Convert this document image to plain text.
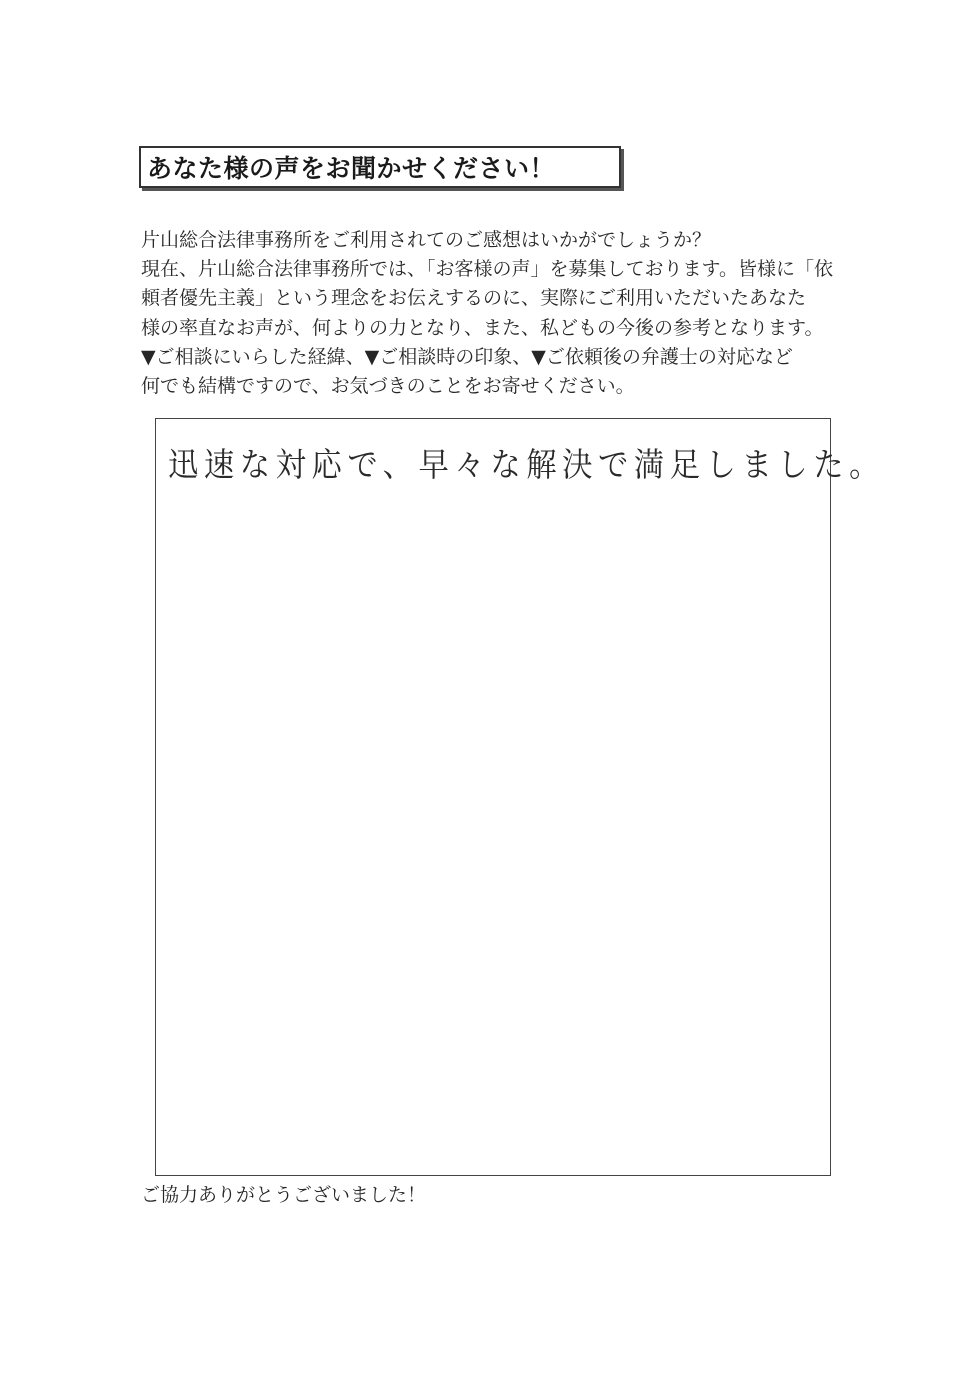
あなた様の声をお聞かせください！
片山総合法律事務所をご利用されてのご感想はいかがでしょうか？
現在、片山総合法律事務所では、「お客様の声」を募集しております。皆様に「依
頼者優先主義」という理念をお伝えするのに、実際にご利用いただいたあなた
様の率直なお声が、何よりの力となり、また、私どもの今後の参考となります。
▼ご相談にいらした経緯、▼ご相談時の印象、▼ご依頼後の弁護士の対応など
何でも結構ですので、お気づきのことをお寄せください。
迅速な対応で、早々な解決で満足しました。
ご協力ありがとうございました！
